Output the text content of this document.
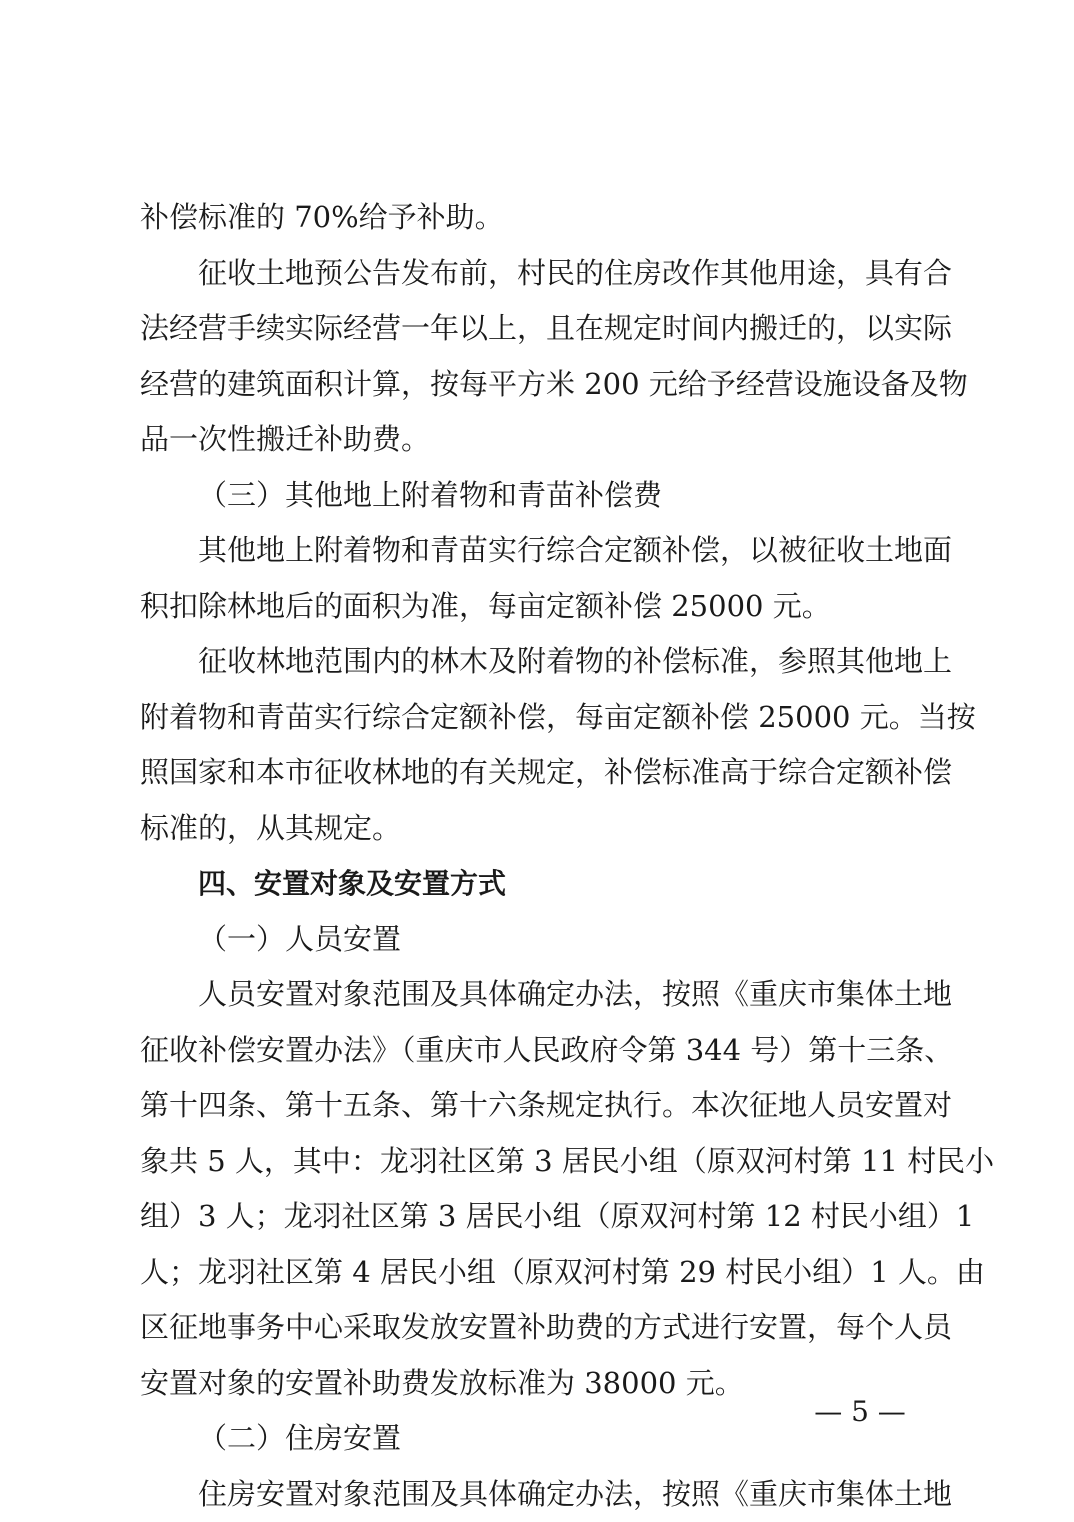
补偿标准的 70%给予补助。
征收土地预公告发布前，村民的住房改作其他用途，具有合
法经营手续实际经营一年以上，且在规定时间内搬迁的，以实际
经营的建筑面积计算，按每平方米 200 元给予经营设施设备及物
品一次性搬迁补助费。
（三）其他地上附着物和青苗补偿费
其他地上附着物和青苗实行综合定额补偿，以被征收土地面
积扣除林地后的面积为准，每亩定额补偿 25000 元。
征收林地范围内的林木及附着物的补偿标准，参照其他地上
附着物和青苗实行综合定额补偿，每亩定额补偿 25000 元。当按
照国家和本市征收林地的有关规定，补偿标准高于综合定额补偿
标准的，从其规定。
四、安置对象及安置方式
（一）人员安置
人员安置对象范围及具体确定办法，按照《重庆市集体土地
征收补偿安置办法》（重庆市人民政府令第 344 号）第十三条、
第十四条、第十五条、第十六条规定执行。本次征地人员安置对
象共 5 人，其中：龙羽社区第 3 居民小组（原双河村第 11 村民小
组）3 人；龙羽社区第 3 居民小组（原双河村第 12 村民小组）1
人；龙羽社区第 4 居民小组（原双河村第 29 村民小组）1 人。由
区征地事务中心采取发放安置补助费的方式进行安置，每个人员
安置对象的安置补助费发放标准为 38000 元。
（二）住房安置
住房安置对象范围及具体确定办法，按照《重庆市集体土地
— 5 —
